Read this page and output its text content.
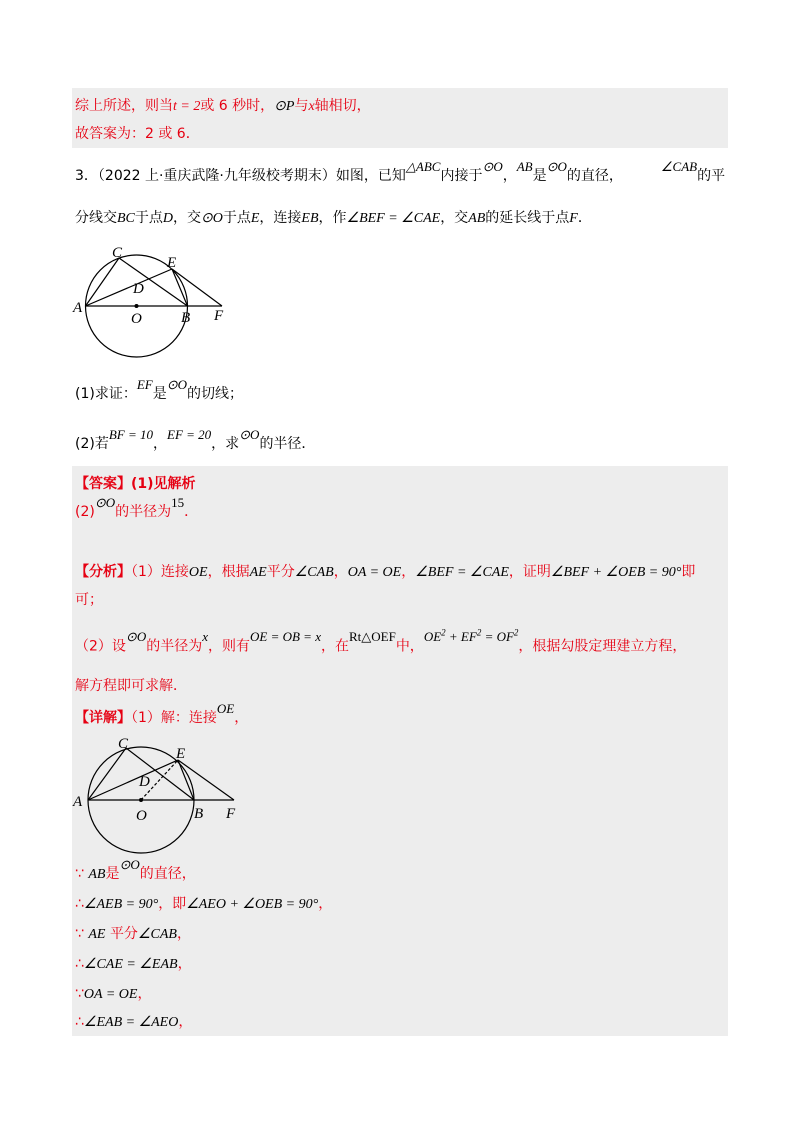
综上所述，则当t = 2或 6 秒时，⊙P与x轴相切，
故答案为：2 或 6．
3．（2022 上·重庆武隆·九年级校考期末）如图，已知△ABC内接于⊙O，AB是⊙O的直径，∠CAB的平
分线交BC于点D，交⊙O于点E，连接EB，作∠BEF = ∠CAE，交AB的延长线于点F．
C
E
D
A
O	B F
(1)求证：EF是⊙O的切线；
(2)若BF = 10，EF = 20，求⊙O的半径．
【答案】(1)见解析
(2)⊙O的半径为15．
【分析】（1）连接OE，根据AE平分∠CAB，OA = OE，∠BEF = ∠CAE，证明∠BEF + ∠OEB = 90°即
可；
（2）设⊙O的半径为x，则有OE = OB = x，在Rt△OEF中，$OE^2 + EF^2 = OF^2$，根据勾股定理建立方程，
解方程即可求解．
【详解】（1）解：连接OE，
C
E
D
A
O	B F
∵ AB是⊙O的直径，
∴∠AEB = 90°，即∠AEO + ∠OEB = 90°，
∵ AE 平分∠CAB，
∴∠CAE = ∠EAB，
∵OA = OE，
∴∠EAB = ∠AEO，
